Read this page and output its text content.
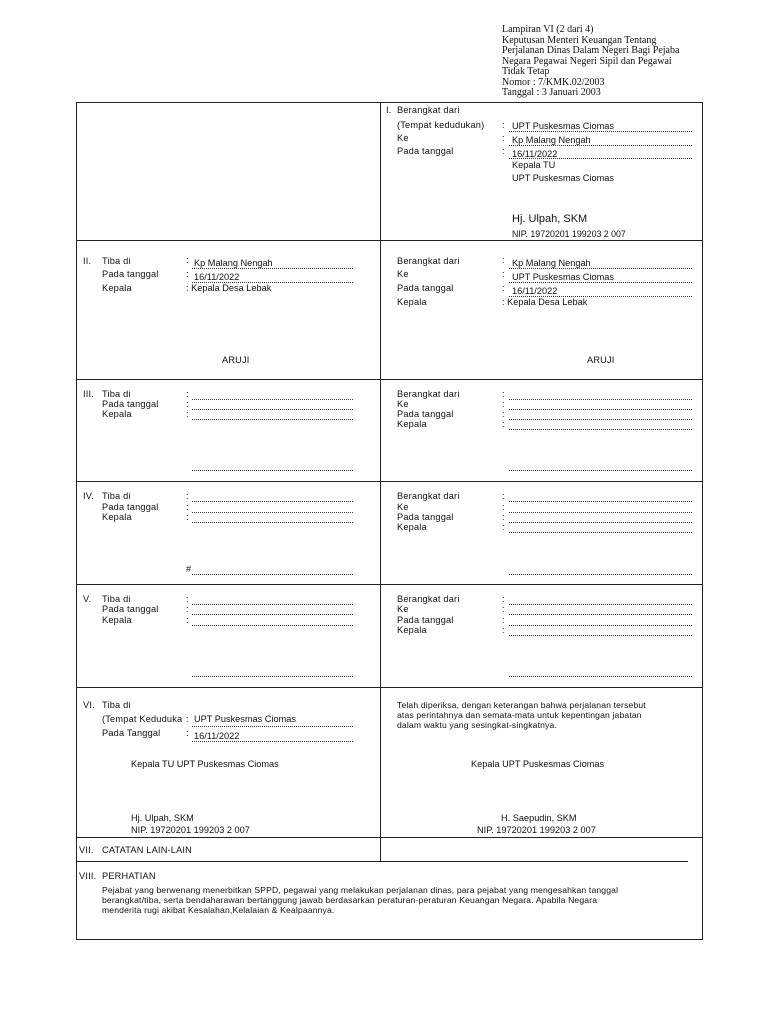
Lampiran VI (2 dari 4)
Keputusan Menteri Keuangan Tentang
Perjalanan Dinas Dalam Negeri Bagi Pejaba
Negara Pegawai Negeri Sipil dan Pegawai
Tidak Tetap
Nomor : 7/KMK.02/2003
Tanggal : 3 Januari 2003
I. Berangkat dari
(Tempat kedudukan) : UPT Puskesmas Ciomas
Ke	: Kp Malang Nengah
Pada tanggal	: 16/11/2022
Kepala TU
UPT Puskesmas Ciomas
Hj. Ulpah, SKM
NIP. 19720201 199203 2 007
II. Tiba di	: Kp Malang Nengah
Pada tanggal	: 16/11/2022
Kepala	: Kepala Desa Lebak
ARUJI
Berangkat dari	: Kp Malang Nengah
Ke	: UPT Puskesmas Ciomas
Pada tanggal	: 16/11/2022
Kepala	: Kepala Desa Lebak
ARUJI
III. Tiba di	:
Pada tanggal	:
Kepala	:
Berangkat dari	:
Ke	:
Pada tanggal	:
Kepala	:
IV. Tiba di	:
Pada tanggal	:
Kepala	:
#
Berangkat dari	:
Ke	:
Pada tanggal	:
Kepala	:
V. Tiba di	:
Pada tanggal	:
Kepala	:
Berangkat dari	:
Ke	:
Pada tanggal	:
Kepala	:
VI. Tiba di
(Tempat Keduduka : UPT Puskesmas Ciomas
Pada Tanggal	: 16/11/2022
Kepala TU UPT Puskesmas Ciomas
Hj. Ulpah, SKM
NIP. 19720201 199203 2 007
Telah diperiksa, dengan keterangan bahwa perjalanan tersebut
atas perintahnya dan semata-mata untuk kepentingan jabatan
dalam waktu yang sesingkat-singkatnya.
Kepala UPT Puskesmas Ciomas
H. Saepudin, SKM
NIP. 19720201 199203 2 007
VII. CATATAN LAIN-LAIN
VIII. PERHATIAN
Pejabat yang berwenang menerbitkan SPPD, pegawai yang melakukan perjalanan dinas, para pejabat yang mengesahkan tanggal
berangkat/tiba, serta bendaharawan bertanggung jawab berdasarkan peraturan-peraturan Keuangan Negara. Apabila Negara
menderita rugi akibat Kesalahan,Kelalaian & Kealpaannya.
